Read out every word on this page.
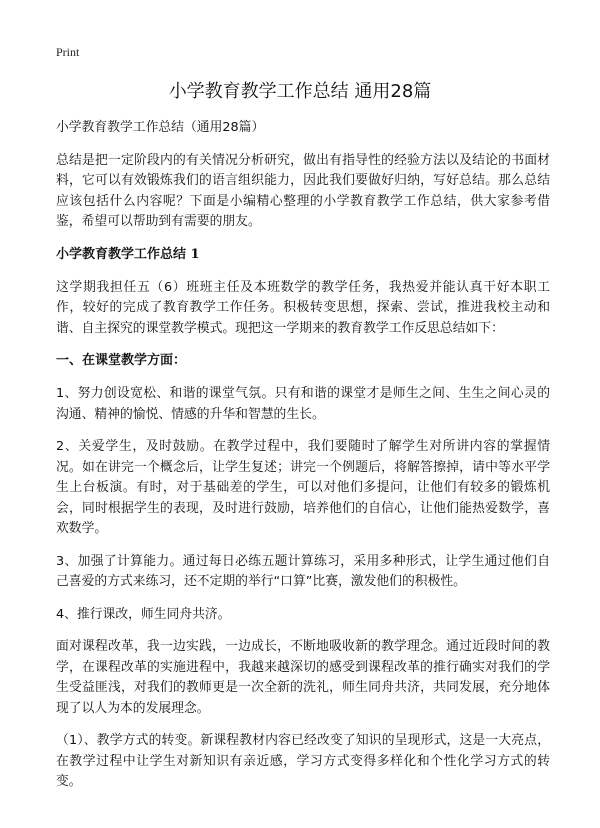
Print
小学教育教学工作总结 通用28篇

小学教育教学工作总结（通用28篇）

总结是把一定阶段内的有关情况分析研究，做出有指导性的经验方法以及结论的书面材料，它可以有效锻炼我们的语言组织能力，因此我们要做好归纳，写好总结。那么总结应该包括什么内容呢？下面是小编精心整理的小学教育教学工作总结，供大家参考借鉴，希望可以帮助到有需要的朋友。

小学教育教学工作总结 1

这学期我担任五（6）班班主任及本班数学的教学任务，我热爱并能认真干好本职工作，较好的完成了教育教学工作任务。积极转变思想，探索、尝试，推进我校主动和谐、自主探究的课堂教学模式。现把这一学期来的教育教学工作反思总结如下：

一、在课堂教学方面：

1、努力创设宽松、和谐的课堂气氛。只有和谐的课堂才是师生之间、生生之间心灵的沟通、精神的愉悦、情感的升华和智慧的生长。

2、关爱学生，及时鼓励。在教学过程中，我们要随时了解学生对所讲内容的掌握情况。如在讲完一个概念后，让学生复述；讲完一个例题后，将解答擦掉，请中等水平学生上台板演。有时，对于基础差的学生，可以对他们多提问，让他们有较多的锻炼机会，同时根据学生的表现，及时进行鼓励，培养他们的自信心，让他们能热爱数学，喜欢数学。

3、加强了计算能力。通过每日必练五题计算练习，采用多种形式，让学生通过他们自己喜爱的方式来练习，还不定期的举行“口算”比赛，激发他们的积极性。

4、推行课改，师生同舟共济。

面对课程改革，我一边实践，一边成长，不断地吸收新的教学理念。通过近段时间的教学，在课程改革的实施进程中，我越来越深切的感受到课程改革的推行确实对我们的学生受益匪浅，对我们的教师更是一次全新的洗礼，师生同舟共济，共同发展，充分地体现了以人为本的发展理念。

（1）、教学方式的转变。新课程教材内容已经改变了知识的呈现形式，这是一大亮点，在教学过程中让学生对新知识有亲近感，学习方式变得多样化和个性化学习方式的转变。
